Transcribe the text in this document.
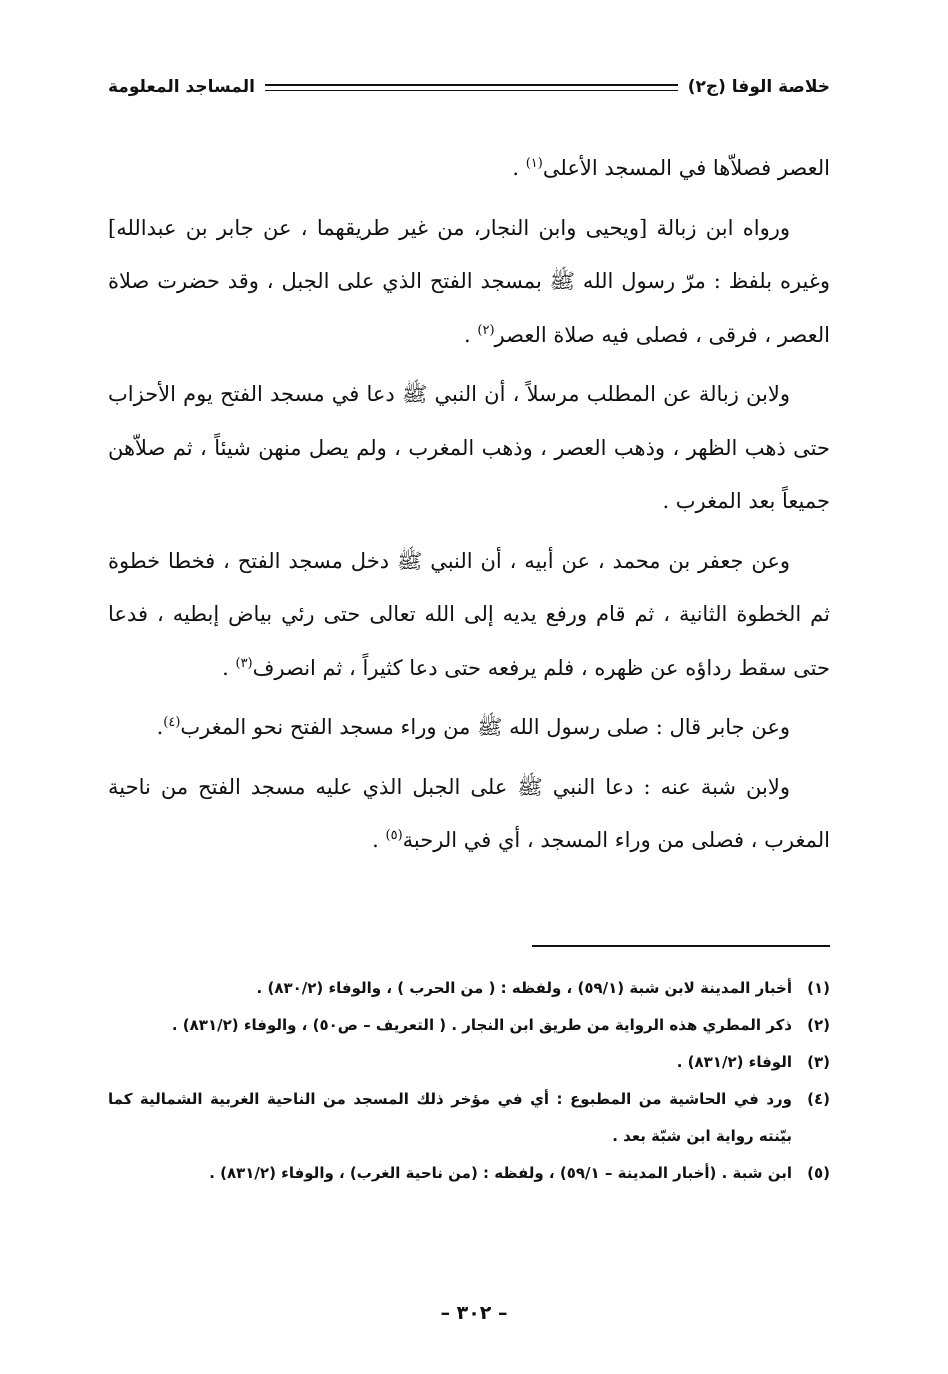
خلاصة الوفا (ج٢)
المساجد المعلومة

العصر فصلاّها في المسجد الأعلى$^{(١)}$ .

ورواه ابن زبالة [ويحيى وابن النجار، من غير طريقهما ، عن جابر بن عبدالله] وغيره بلفظ : مرّ رسول الله ﷺ بمسجد الفتح الذي على الجبل ، وقد حضرت صلاة العصر ، فرقى ، فصلى فيه صلاة العصر$^{(٢)}$ .

ولابن زبالة عن المطلب مرسلاً ، أن النبي ﷺ دعا في مسجد الفتح يوم الأحزاب حتى ذهب الظهر ، وذهب العصر ، وذهب المغرب ، ولم يصل منهن شيئاً ، ثم صلاّهن جميعاً بعد المغرب .

وعن جعفر بن محمد ، عن أبيه ، أن النبي ﷺ دخل مسجد الفتح ، فخطا خطوة ثم الخطوة الثانية ، ثم قام ورفع يديه إلى الله تعالى حتى رئي بياض إبطيه ، فدعا حتى سقط رداؤه عن ظهره ، فلم يرفعه حتى دعا كثيراً ، ثم انصرف$^{(٣)}$ .

وعن جابر قال : صلى رسول الله ﷺ من وراء مسجد الفتح نحو المغرب$^{(٤)}$.

ولابن شبة عنه : دعا النبي ﷺ على الجبل الذي عليه مسجد الفتح من ناحية المغرب ، فصلى من وراء المسجد ، أي في الرحبة$^{(٥)}$ .

(١)
أخبار المدينة لابن شبة (٥٩/١) ، ولفظه : ( من الحرب ) ، والوفاء (٨٣٠/٢) .
(٢)
ذكر المطري هذه الرواية من طريق ابن النجار . ( التعريف – ص٥٠) ، والوفاء (٨٣١/٢) .
(٣)
الوفاء (٨٣١/٢) .
(٤)
ورد في الحاشية من المطبوع : أي في مؤخر ذلك المسجد من الناحية الغربية الشمالية كما بيّنته رواية ابن شبّة بعد .
(٥)
ابن شبة . (أخبار المدينة – ٥٩/١) ، ولفظه : (من ناحية الغرب) ، والوفاء (٨٣١/٢) .
– ٣٠٢ –
